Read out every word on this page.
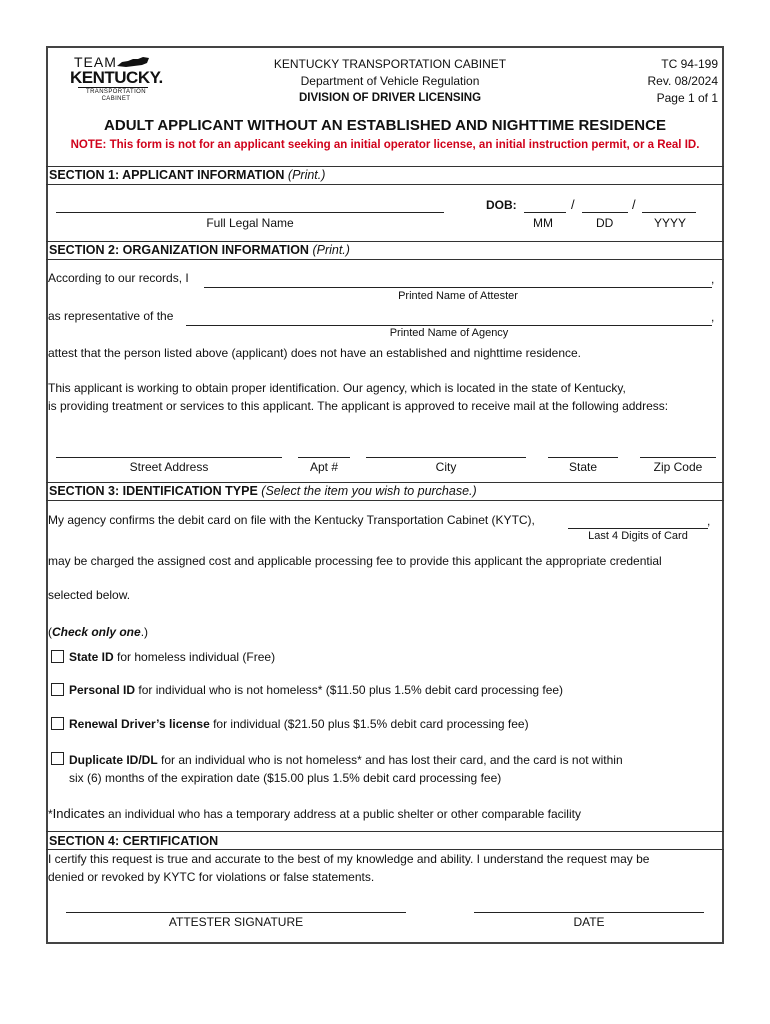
TEAM
KENTUCKY.
TRANSPORTATION
CABINET
KENTUCKY TRANSPORTATION CABINET
Department of Vehicle Regulation
DIVISION OF DRIVER LICENSING
TC 94-199
Rev. 08/2024
Page 1 of 1
ADULT APPLICANT WITHOUT AN ESTABLISHED AND NIGHTTIME RESIDENCE
NOTE: This form is not for an applicant seeking an initial operator license, an initial instruction permit, or a Real ID.
SECTION 1: APPLICANT INFORMATION (Print.)
Full Legal Name
DOB:	/	/
MM	DD	YYYY
SECTION 2: ORGANIZATION INFORMATION (Print.)
According to our records, I	,
Printed Name of Attester
as representative of the	,
Printed Name of Agency
attest that the person listed above (applicant) does not have an established and nighttime residence.
This applicant is working to obtain proper identification. Our agency, which is located in the state of Kentucky,
is providing treatment or services to this applicant. The applicant is approved to receive mail at the following address:
Street Address	Apt #	City	State	Zip Code
SECTION 3: IDENTIFICATION TYPE (Select the item you wish to purchase.)
My agency confirms the debit card on file with the Kentucky Transportation Cabinet (KYTC),	,
Last 4 Digits of Card
may be charged the assigned cost and applicable processing fee to provide this applicant the appropriate credential
selected below.
(Check only one.)
State ID for homeless individual (Free)
Personal ID for individual who is not homeless* ($11.50 plus 1.5% debit card processing fee)
Renewal Driver’s license for individual ($21.50 plus $1.5% debit card processing fee)
Duplicate ID/DL for an individual who is not homeless* and has lost their card, and the card is not within
six (6) months of the expiration date ($15.00 plus 1.5% debit card processing fee)
*Indicates an individual who has a temporary address at a public shelter or other comparable facility
SECTION 4: CERTIFICATION
I certify this request is true and accurate to the best of my knowledge and ability. I understand the request may be
denied or revoked by KYTC for violations or false statements.
ATTESTER SIGNATURE	DATE
